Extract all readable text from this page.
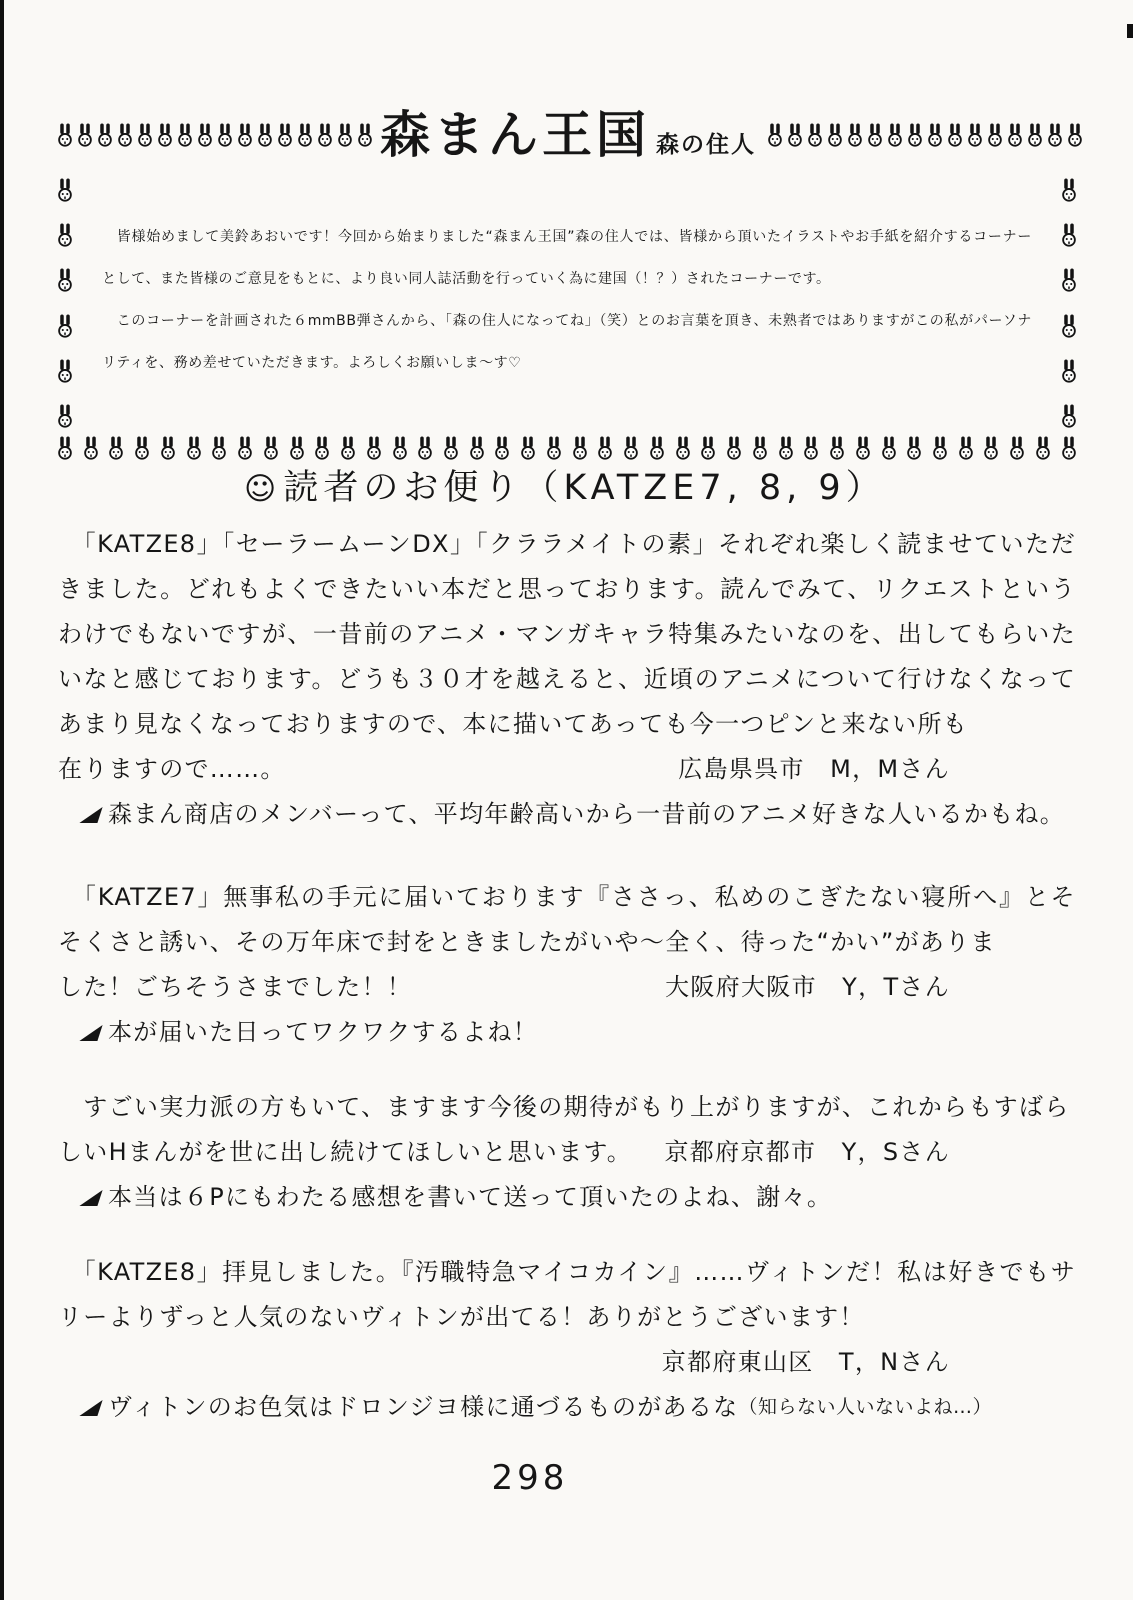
森まん王国 森の住人

　皆様始めまして美鈴あおいです！今回から始まりました“森まん王国”森の住人では、皆様から頂いたイラストやお手紙を紹介するコーナーとして、また皆様のご意見をもとに、より良い同人誌活動を行っていく為に建国（！？）されたコーナーです。

　このコーナーを計画された６mmBB弾さんから、「森の住人になってね」（笑）とのお言葉を頂き、未熟者ではありますがこの私がパーソナリティを、務め差せていただきます。よろしくお願いしま～す♡

☺読者のお便り（KATZE7, 8, 9）

　「KATZE8」「セーラームーンDX」「クララメイトの素」それぞれ楽しく読ませていただきました。どれもよくできたいい本だと思っております。読んでみて、リクエストというわけでもないですが、一昔前のアニメ・マンガキャラ特集みたいなのを、出してもらいたいなと感じております。どうも３０才を越えると、近頃のアニメについて行けなくなってあまり見なくなっておりますので、本に描いてあっても今一つピンと来ない所も

在りますので……。	広島県呉市　M，Mさん
森まん商店のメンバーって、平均年齢高いから一昔前のアニメ好きな人いるかもね。

　「KATZE7」無事私の手元に届いております『ささっ、私めのこぎたない寝所へ』とそそくさと誘い、その万年床で封をときましたがいや～全く、待った“かい”がありま

した！ごちそうさまでした！！	大阪府大阪市　Y，Tさん
本が届いた日ってワクワクするよね！

　すごい実力派の方もいて、ますます今後の期待がもり上がりますが、これからもすばら

しいHまんがを世に出し続けてほしいと思います。 京都府京都市　Y，Sさん
本当は６Pにもわたる感想を書いて送って頂いたのよね、謝々。

　「KATZE8」拝見しました。『汚職特急マイコカイン』……ヴィトンだ！私は好きでもサリーよりずっと人気のないヴィトンが出てる！ありがとうございます！

京都府東山区　T，Nさん
ヴィトンのお色気はドロンジヨ様に通づるものがあるな （知らない人いないよね…）
298
